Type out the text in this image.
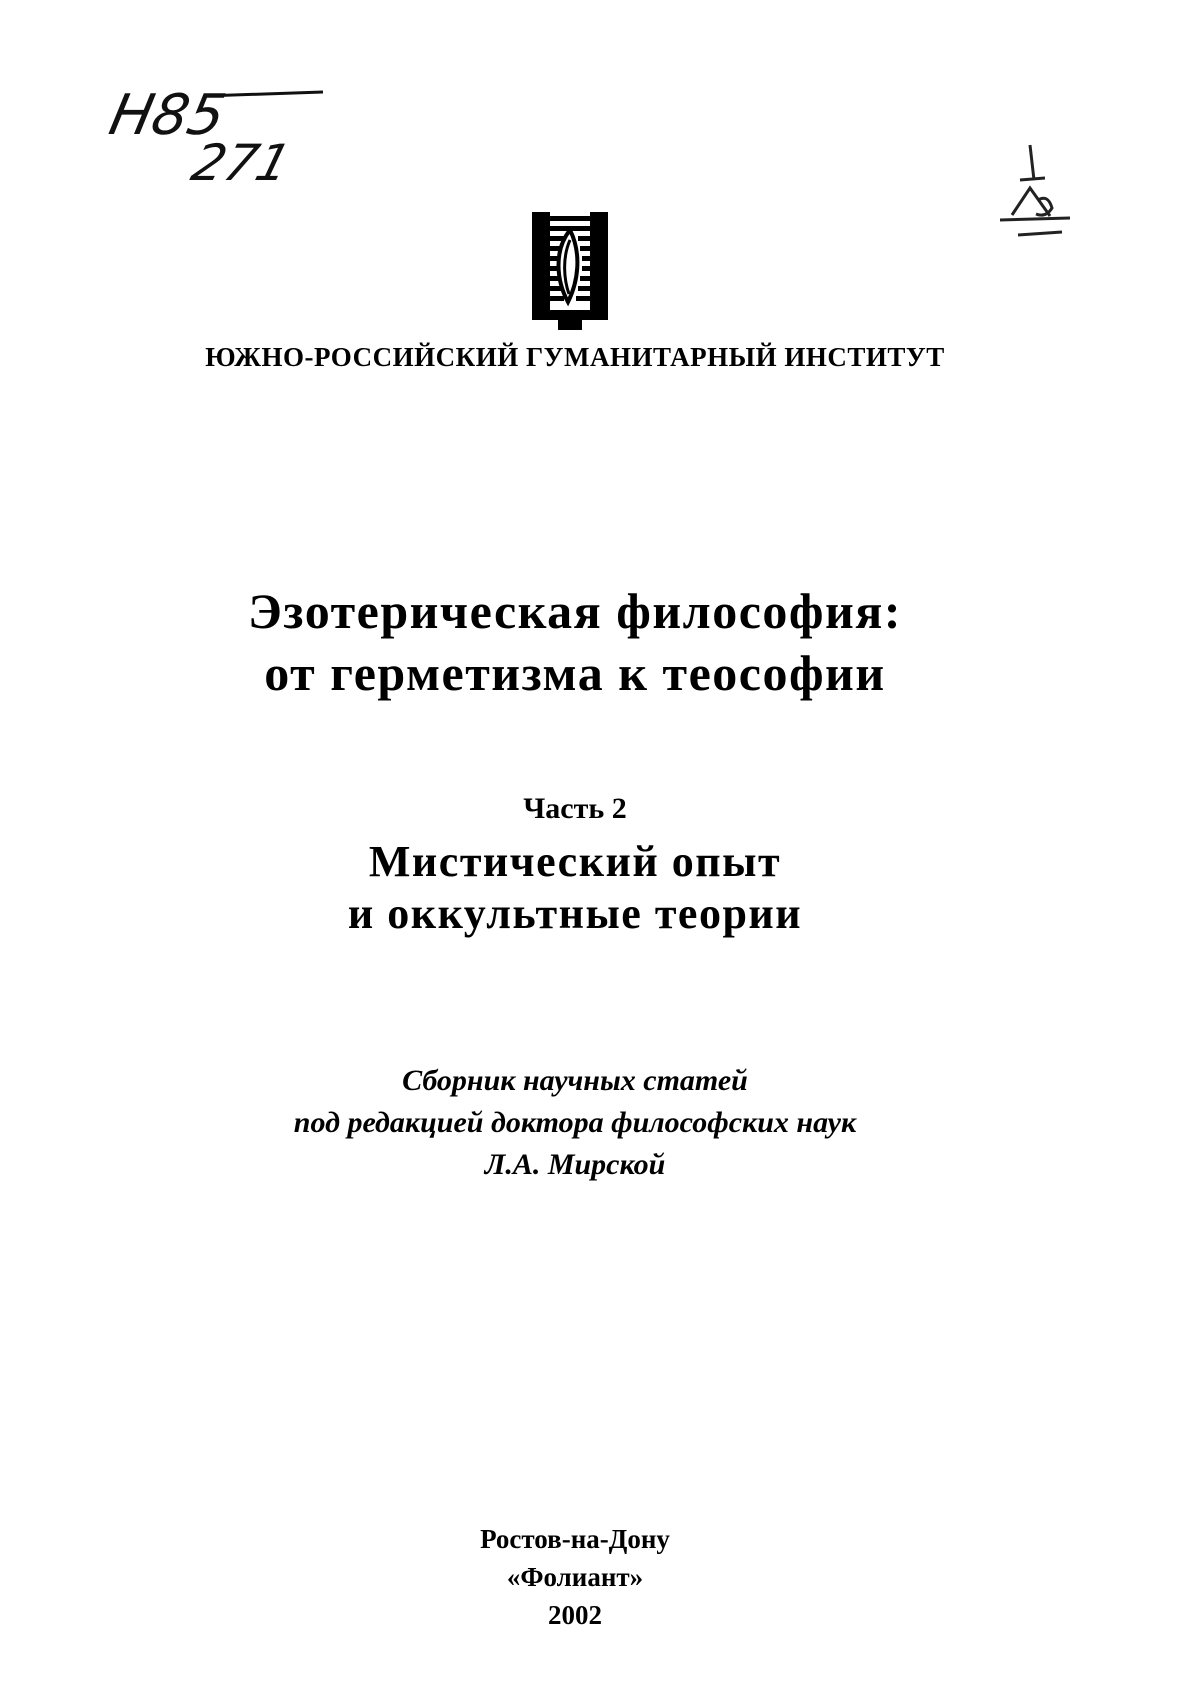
Н85
271
ЮЖНО-РОССИЙСКИЙ ГУМАНИТАРНЫЙ ИНСТИТУТ
Эзотерическая философия:
от герметизма к теософии
Часть 2
Мистический опыт
и оккультные теории
Сборник научных статей
под редакцией доктора философских наук
Л.А. Мирской
Ростов-на-Дону
«Фолиант»
2002
